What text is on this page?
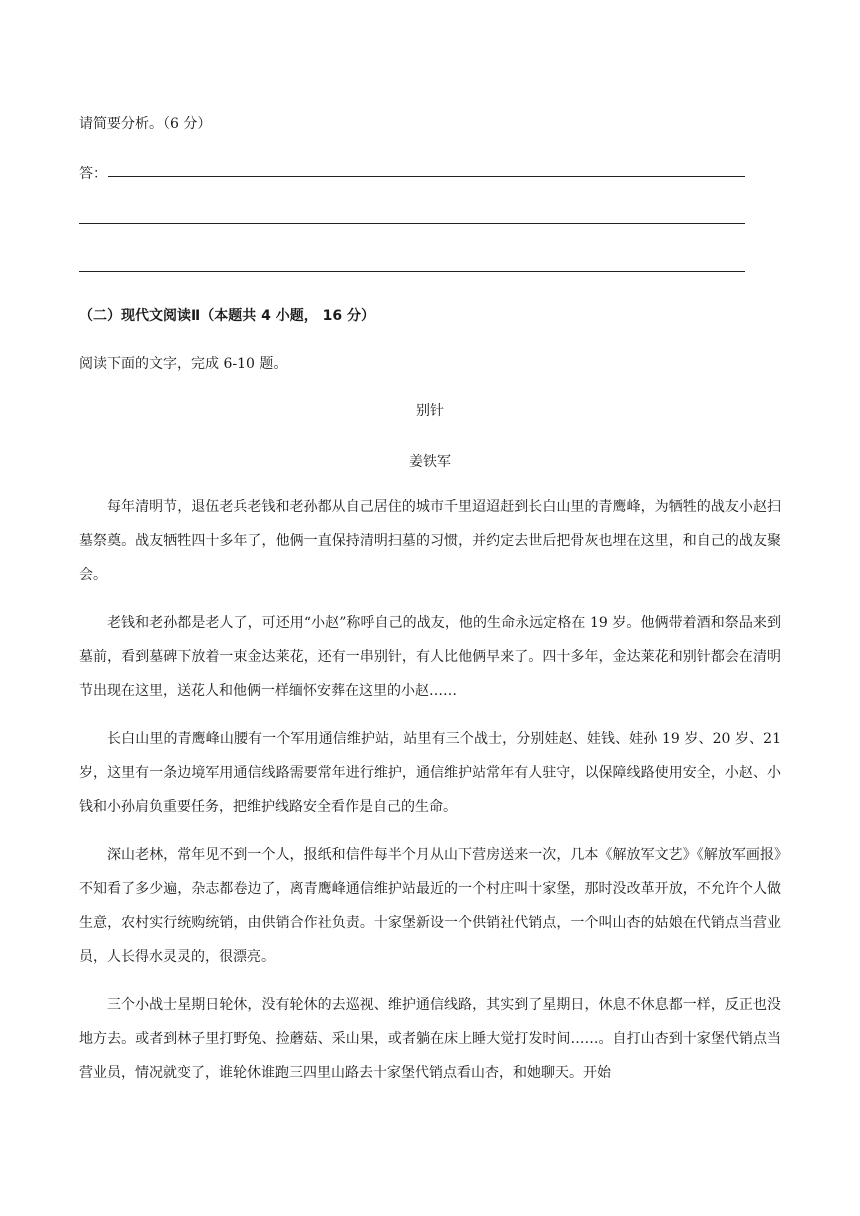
请简要分析。（6 分）
答：
（二）现代文阅读Ⅱ（本题共 4 小题， 16 分）
阅读下面的文字，完成 6-10 题。
别针
姜铁军
每年清明节，退伍老兵老钱和老孙都从自己居住的城市千里迢迢赶到长白山里的青鹰峰，为牺牲的战友小赵扫墓祭奠。战友牺牲四十多年了，他俩一直保持清明扫墓的习惯，并约定去世后把骨灰也埋在这里，和自己的战友聚会。
老钱和老孙都是老人了，可还用“小赵”称呼自己的战友，他的生命永远定格在 19 岁。他俩带着酒和祭品来到墓前，看到墓碑下放着一束金达莱花，还有一串别针，有人比他俩早来了。四十多年，金达莱花和别针都会在清明节出现在这里，送花人和他俩一样缅怀安葬在这里的小赵……
长白山里的青鹰峰山腰有一个军用通信维护站，站里有三个战士，分别娃赵、娃钱、娃孙 19 岁、20 岁、21 岁，这里有一条边境军用通信线路需要常年进行维护，通信维护站常年有人驻守，以保障线路使用安全，小赵、小钱和小孙肩负重要任务，把维护线路安全看作是自己的生命。
深山老林，常年见不到一个人，报纸和信件每半个月从山下营房送来一次，几本《解放军文艺》《解放军画报》不知看了多少遍，杂志都卷边了，离青鹰峰通信维护站最近的一个村庄叫十家堡，那时没改革开放，不允许个人做生意，农村实行统购统销，由供销合作社负责。十家堡新设一个供销社代销点，一个叫山杏的姑娘在代销点当营业员，人长得水灵灵的，很漂亮。
三个小战士星期日轮休，没有轮休的去巡视、维护通信线路，其实到了星期日，休息不休息都一样，反正也没地方去。或者到林子里打野兔、捡蘑菇、采山果，或者躺在床上睡大觉打发时间……。自打山杏到十家堡代销点当营业员，情况就变了，谁轮休谁跑三四里山路去十家堡代销点看山杏，和她聊天。开始
